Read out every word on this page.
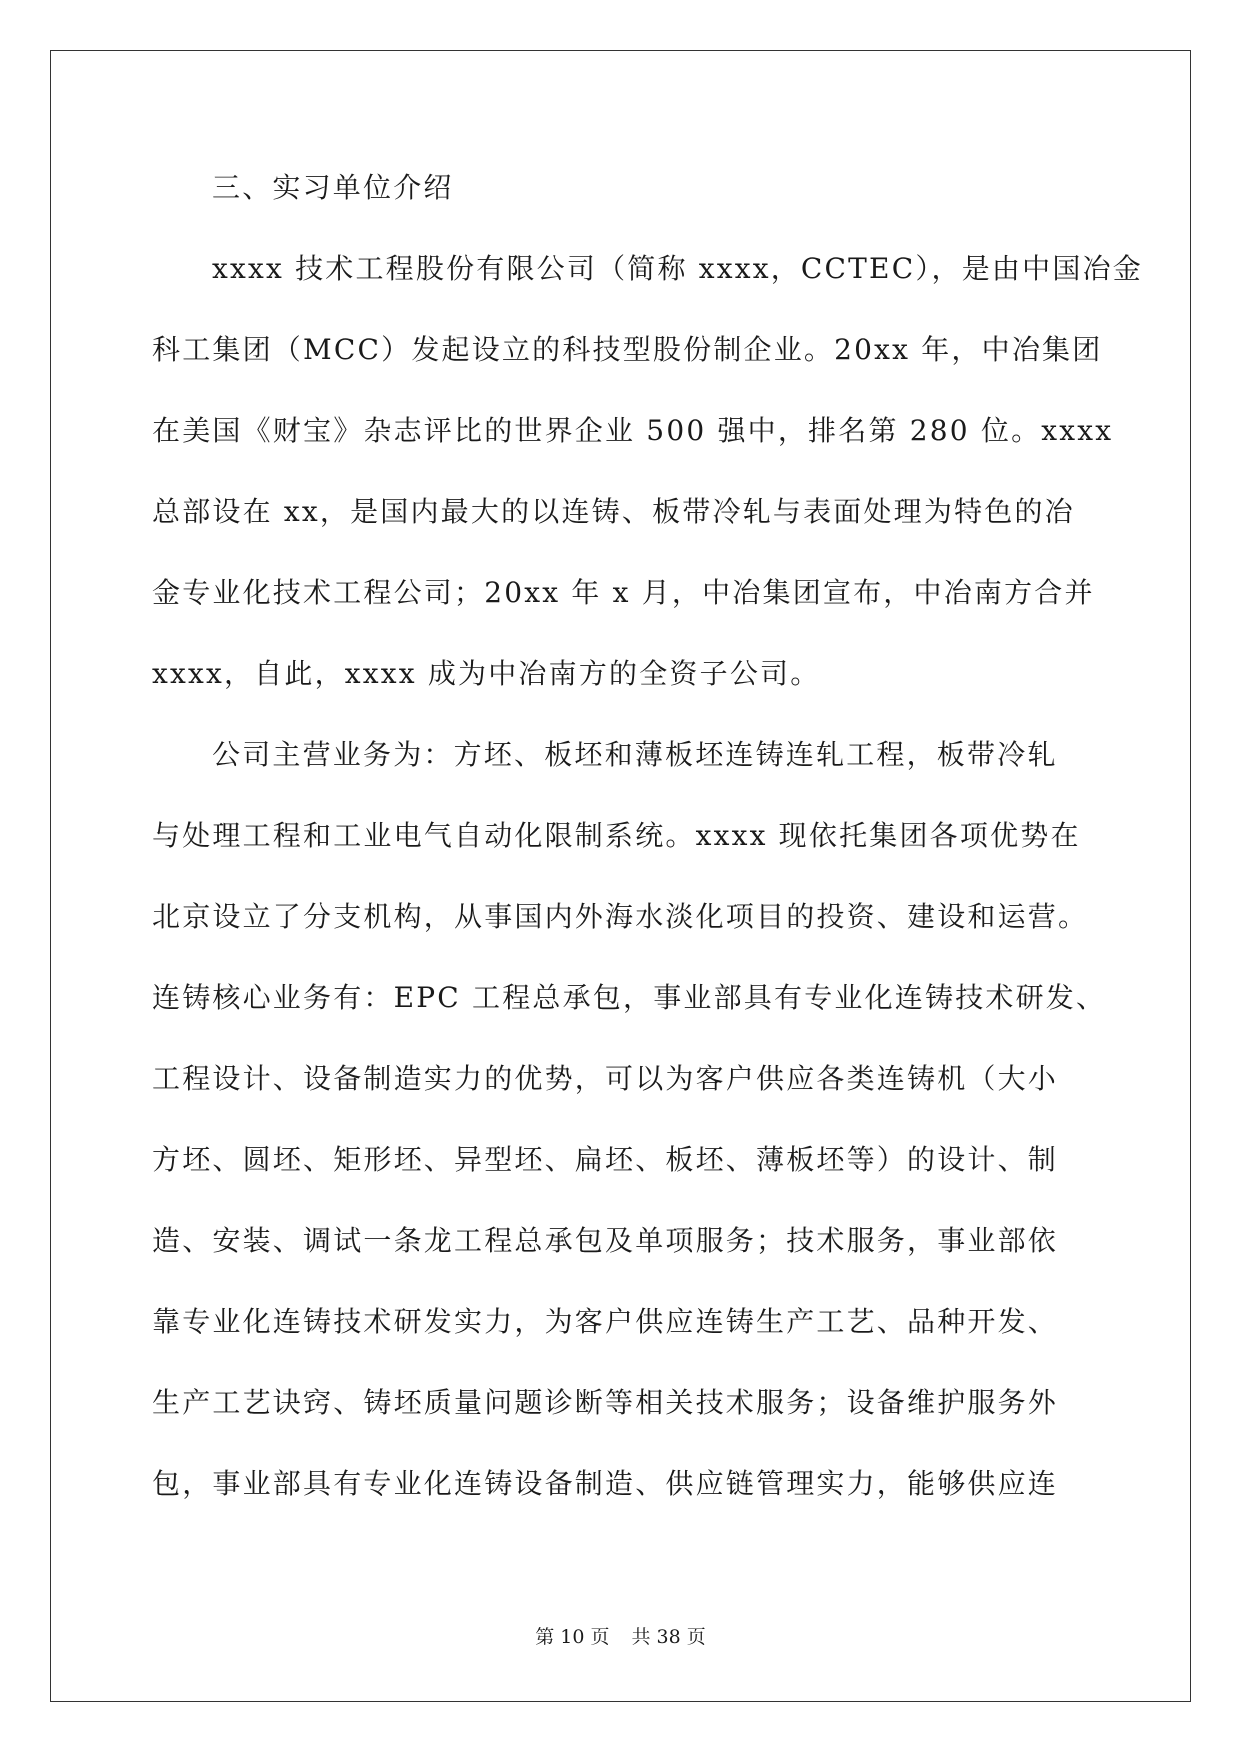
三、实习单位介绍
xxxx 技术工程股份有限公司（简称 xxxx，CCTEC），是由中国冶金
科工集团（MCC）发起设立的科技型股份制企业。20xx 年，中冶集团
在美国《财宝》杂志评比的世界企业 500 强中，排名第 280 位。xxxx
总部设在 xx，是国内最大的以连铸、板带冷轧与表面处理为特色的冶
金专业化技术工程公司；20xx 年 x 月，中冶集团宣布，中冶南方合并
xxxx，自此，xxxx 成为中冶南方的全资子公司。
公司主营业务为：方坯、板坯和薄板坯连铸连轧工程，板带冷轧
与处理工程和工业电气自动化限制系统。xxxx 现依托集团各项优势在
北京设立了分支机构，从事国内外海水淡化项目的投资、建设和运营。
连铸核心业务有：EPC 工程总承包，事业部具有专业化连铸技术研发、
工程设计、设备制造实力的优势，可以为客户供应各类连铸机（大小
方坯、圆坯、矩形坯、异型坯、扁坯、板坯、薄板坯等）的设计、制
造、安装、调试一条龙工程总承包及单项服务；技术服务，事业部依
靠专业化连铸技术研发实力，为客户供应连铸生产工艺、品种开发、
生产工艺诀窍、铸坯质量问题诊断等相关技术服务；设备维护服务外
包，事业部具有专业化连铸设备制造、供应链管理实力，能够供应连
第 10 页 共 38 页
